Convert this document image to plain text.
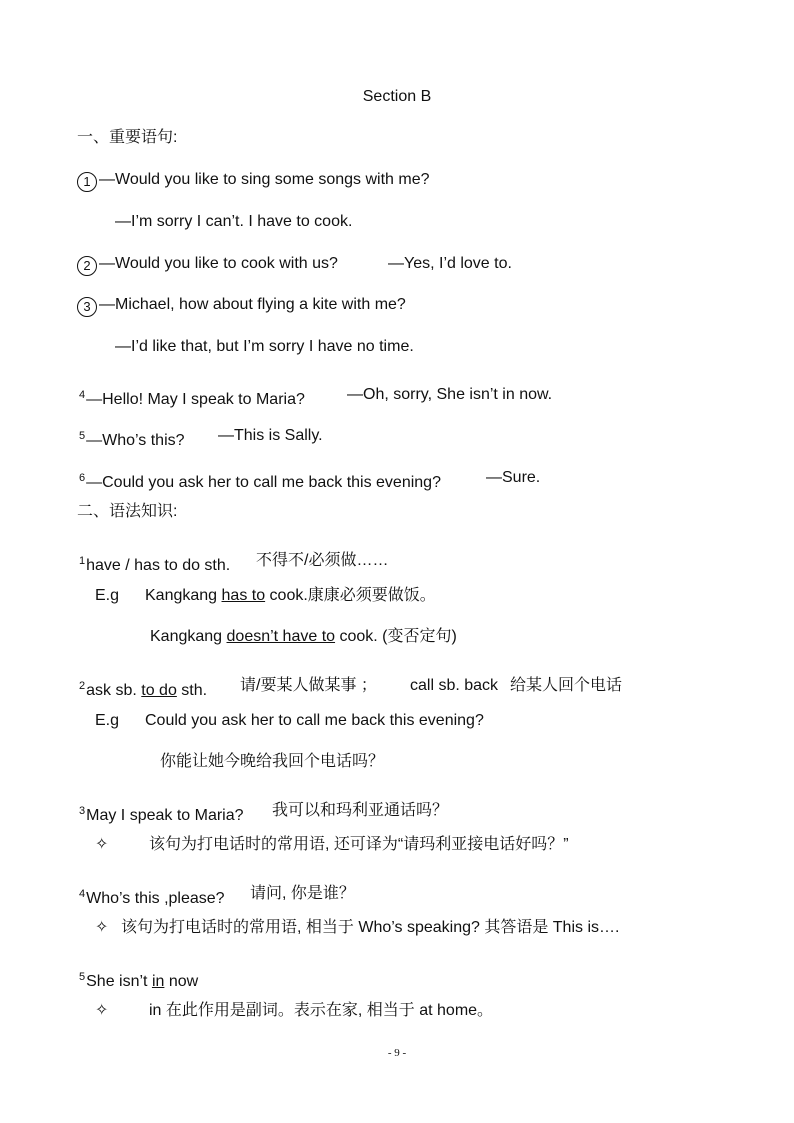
Section B
一、重要语句:
1 —Would you like to sing some songs with me?
—I’m sorry I can’t. I have to cook.
2 —Would you like to cook with us?	—Yes, I’d love to.
3 —Michael, how about flying a kite with me?
—I’d like that, but I’m sorry I have no time.
$^4$—Hello! May I speak to Maria?	—Oh, sorry, She isn’t in now.
$^5$—Who’s this? —This is Sally.
$^6$—Could you ask her to call me back this evening?	—Sure.
二、语法知识:
$^1$have / has to do sth. 不得不/必须做……
E.g Kangkang has to cook.康康必须要做饭。
Kangkang doesn’t have to cook. (变否定句)
$^2$ask sb. to do sth. 请/要某人做某事 ； call sb. back 给某人回个电话
E.g Could you ask her to call me back this evening?
你能让她今晚给我回个电话吗？
$^3$May I speak to Maria? 我可以和玛利亚通话吗？
✧	该句为打电话时的常用语, 还可译为“请玛利亚接电话好吗？”
$^4$Who’s this ,please? 请问, 你是谁？
✧ 该句为打电话时的常用语, 相当于 Who’s speaking? 其答语是 This is….
$^5$She isn’t in now
✧	in 在此作用是副词。表示在家, 相当于 at home。
- 9 -
